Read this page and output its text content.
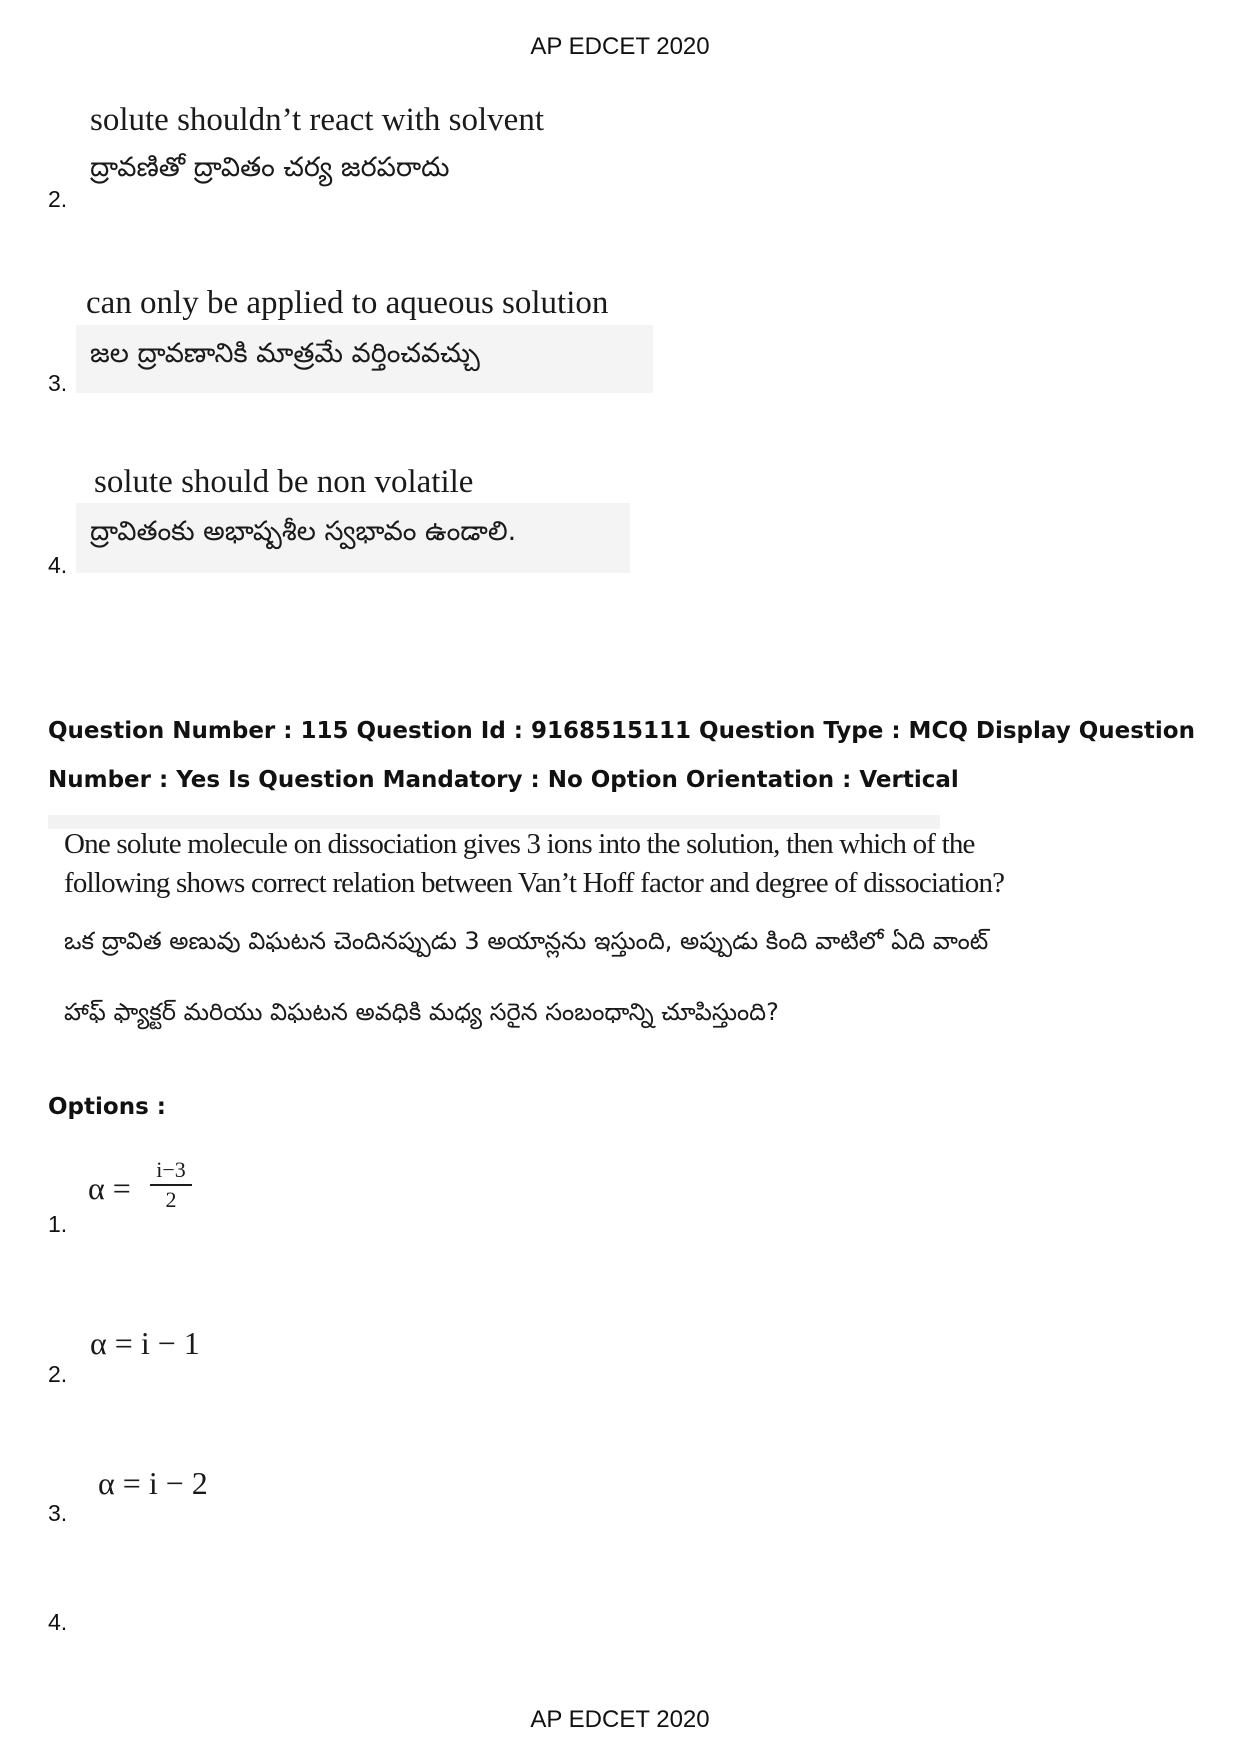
AP EDCET 2020
solute shouldn’t react with solvent
ద్రావణితో ద్రావితం చర్య జరపరాదు
2.
can only be applied to aqueous solution
జల ద్రావణానికి మాత్రమే వర్తించవచ్చు
3.
solute should be non volatile
ద్రావితంకు అభాష్పశీల స్వభావం ఉండాలి.
4.
Question Number : 115 Question Id : 9168515111 Question Type : MCQ Display Question
Number : Yes Is Question Mandatory : No Option Orientation : Vertical
One solute molecule on dissociation gives 3 ions into the solution, then which of the
following shows correct relation between Van’t Hoff factor and degree of dissociation?
ఒక ద్రావిత అణువు విఘటన చెందినప్పుడు 3 అయాన్లను ఇస్తుంది, అప్పుడు కింది వాటిలో ఏది వాంట్
హాఫ్ ఫ్యాక్టర్ మరియు విఘటన అవధికి మధ్య సరైన సంబంధాన్ని చూపిస్తుంది?
Options :
α =
i−3
2
1.
α = i − 1
2.
α = i − 2
3.
4.
AP EDCET 2020
